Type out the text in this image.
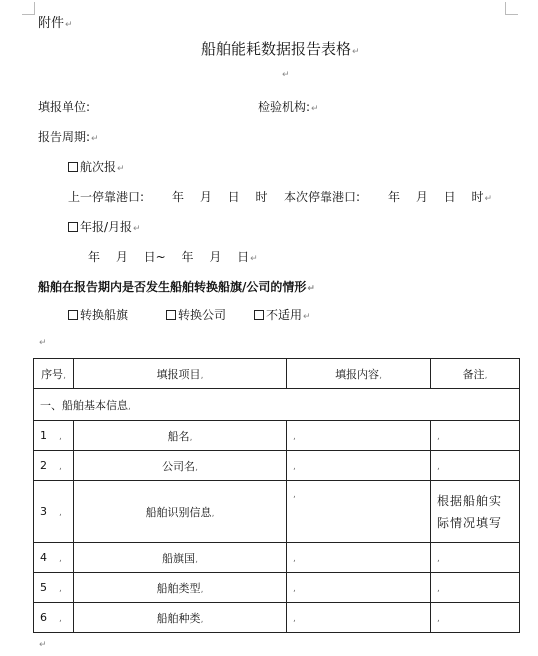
附件↵
船舶能耗数据报告表格↵
↵
填报单位:	检验机构:↵
报告周期:↵
航次报↵
上一停靠港口: 年 月 日 时 本次停靠港口: 年 月 日 时↵
年报/月报↵
年 月 日~ 年 月 日↵
船舶在报告期内是否发生船舶转换船旗/公司的情形↵
转换船旗	转换公司	不适用↵
↵
序号,	填报项目,	填报内容,	备注,
一、船舶基本信息,			
1 ,	船名,	,	,
2 ,	公司名,	,	,
3 ,	船舶识别信息,	,	根据船舶实际情况填写
4 ,	船旗国,	,	,
5 ,	船舶类型,	,	,
6 ,	船舶种类,	,	,
↵
